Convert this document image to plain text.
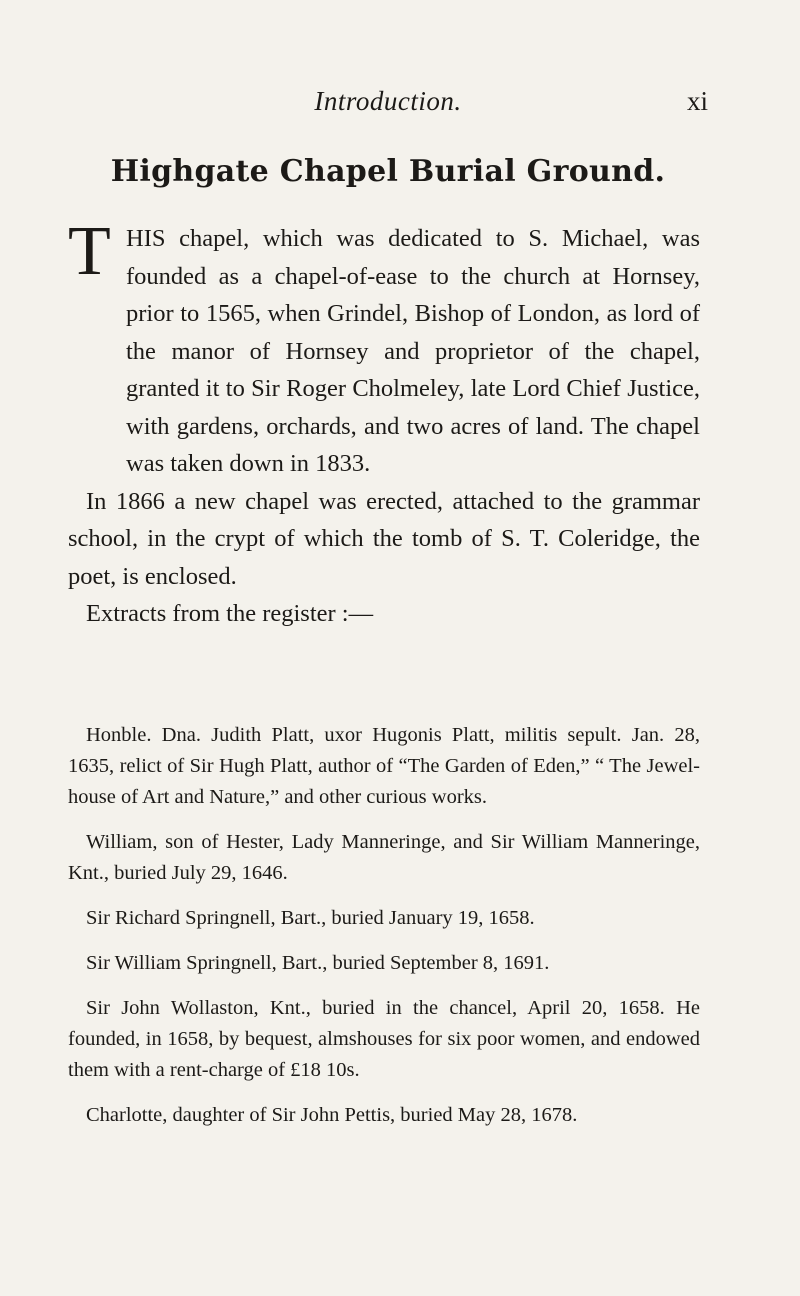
Introduction.	xi
Highgate Chapel Burial Ground.

T HIS chapel, which was dedicated to S. Michael, was founded as a chapel-of-ease to the church at Hornsey, prior to 1565, when Grindel, Bishop of London, as lord of the manor of Hornsey and proprietor of the chapel, granted it to Sir Roger Cholmeley, late Lord Chief Justice, with gardens, orchards, and two acres of land. The chapel was taken down in 1833.

In 1866 a new chapel was erected, attached to the grammar school, in the crypt of which the tomb of S. T. Coleridge, the poet, is enclosed.

Extracts from the register :—

Honble. Dna. Judith Platt, uxor Hugonis Platt, militis sepult. Jan. 28, 1635, relict of Sir Hugh Platt, author of “The Garden of Eden,” “ The Jewel-house of Art and Nature,” and other curious works.

William, son of Hester, Lady Manneringe, and Sir William Manneringe, Knt., buried July 29, 1646.

Sir Richard Springnell, Bart., buried January 19, 1658.

Sir William Springnell, Bart., buried September 8, 1691.

Sir John Wollaston, Knt., buried in the chancel, April 20, 1658. He founded, in 1658, by bequest, almshouses for six poor women, and endowed them with a rent-charge of £18 10s.

Charlotte, daughter of Sir John Pettis, buried May 28, 1678.
